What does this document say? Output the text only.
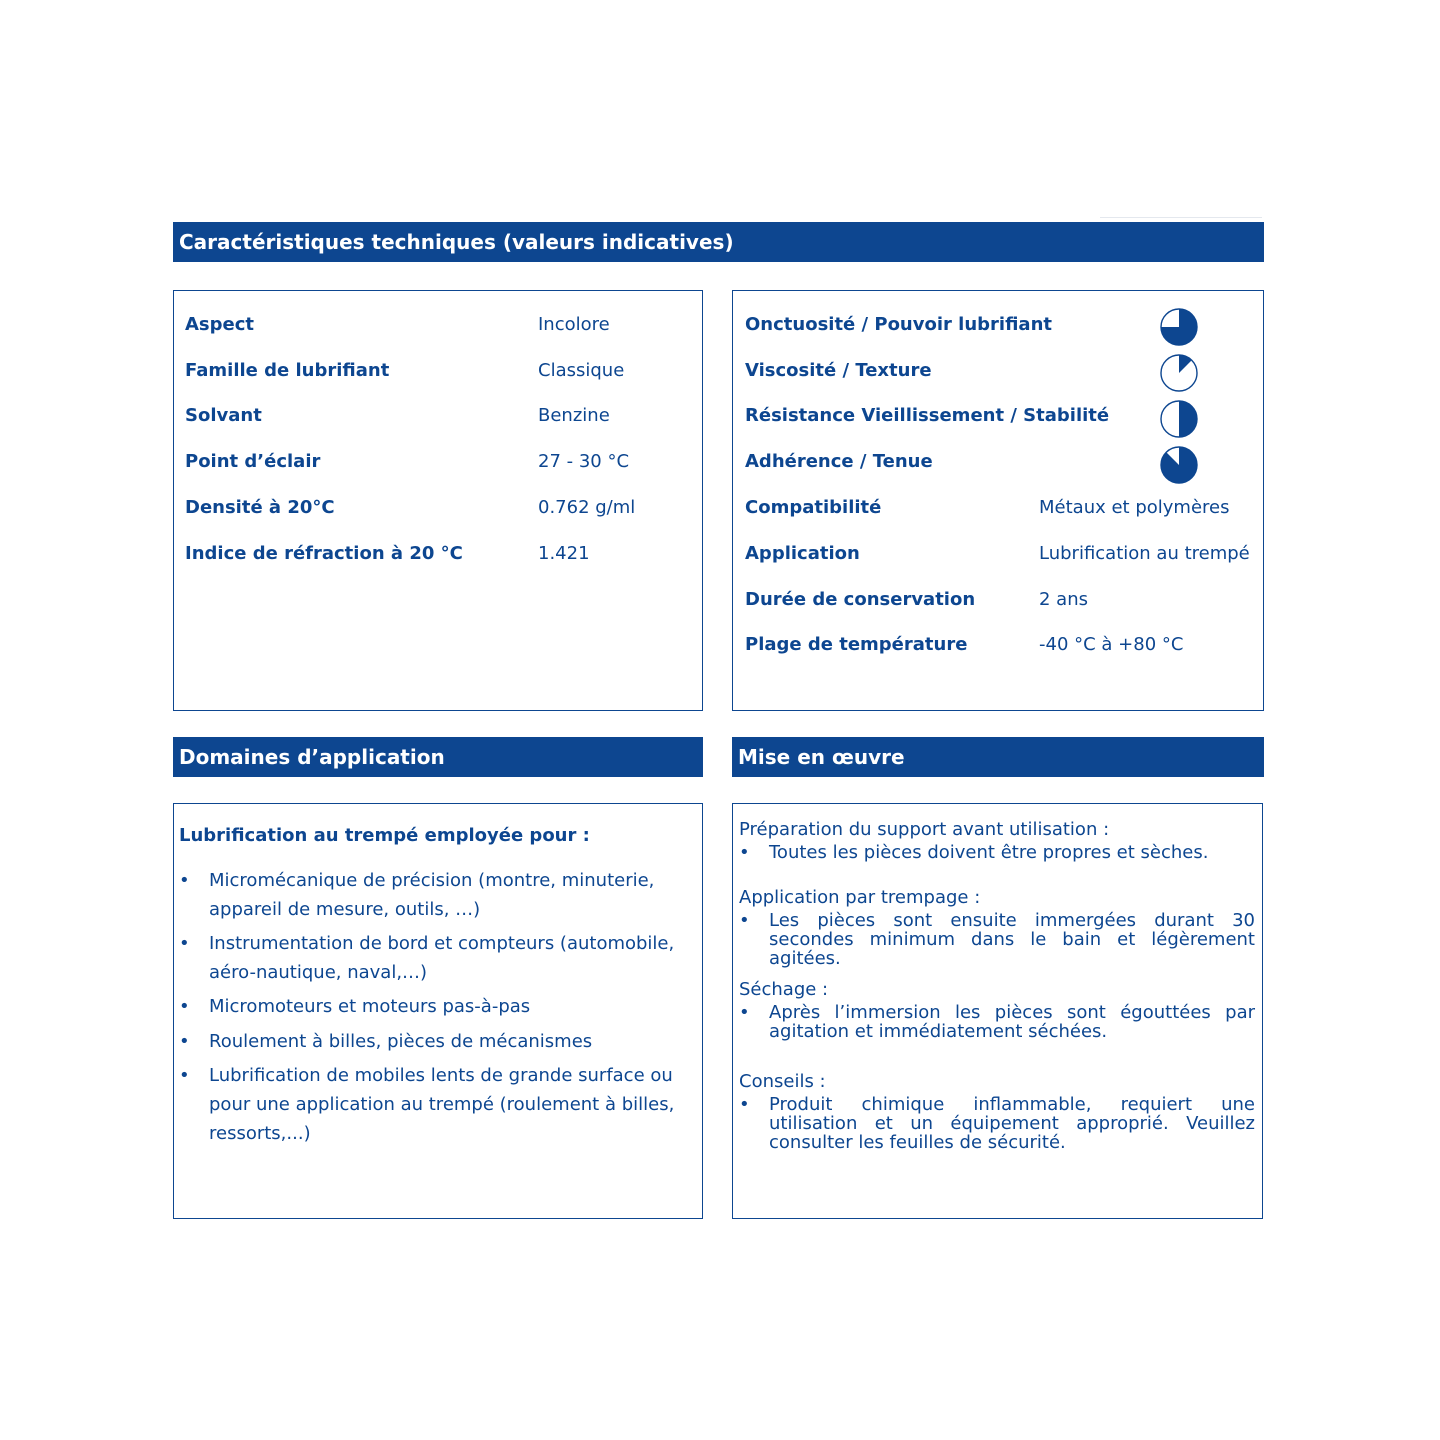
Caractéristiques techniques (valeurs indicatives)
Aspect	Incolore
Famille de lubrifiant	Classique
Solvant	Benzine
Point d’éclair	27 - 30 °C
Densité à 20°C	0.762 g/ml
Indice de réfraction à 20 °C	1.421
Onctuosité / Pouvoir lubrifiant
Viscosité / Texture
Résistance Vieillissement / Stabilité
Adhérence / Tenue
Compatibilité	Métaux et polymères
Application	Lubrification au trempé
Durée de conservation	2 ans
Plage de température	-40 °C à +80 °C
Domaines d’application
Lubrification au trempé employée pour :
• Micromécanique de précision (montre, minuterie, appareil de mesure, outils, …)
• Instrumentation de bord et compteurs (automobile, aéro-nautique, naval,…)
• Micromoteurs et moteurs pas-à-pas
• Roulement à billes, pièces de mécanismes
• Lubrification de mobiles lents de grande surface ou pour une application au trempé (roulement à billes, ressorts,...)
Mise en œuvre
Préparation du support avant utilisation :
• Toutes les pièces doivent être propres et sèches.
Application par trempage :
• Les pièces sont ensuite immergées durant 30 secondes minimum dans le bain et légèrement agitées.
Séchage :
• Après l’immersion les pièces sont égouttées par agitation et immédiatement séchées.
Conseils :
• Produit chimique inflammable, requiert une utilisation et un équipement approprié. Veuillez consulter les feuilles de sécurité.
